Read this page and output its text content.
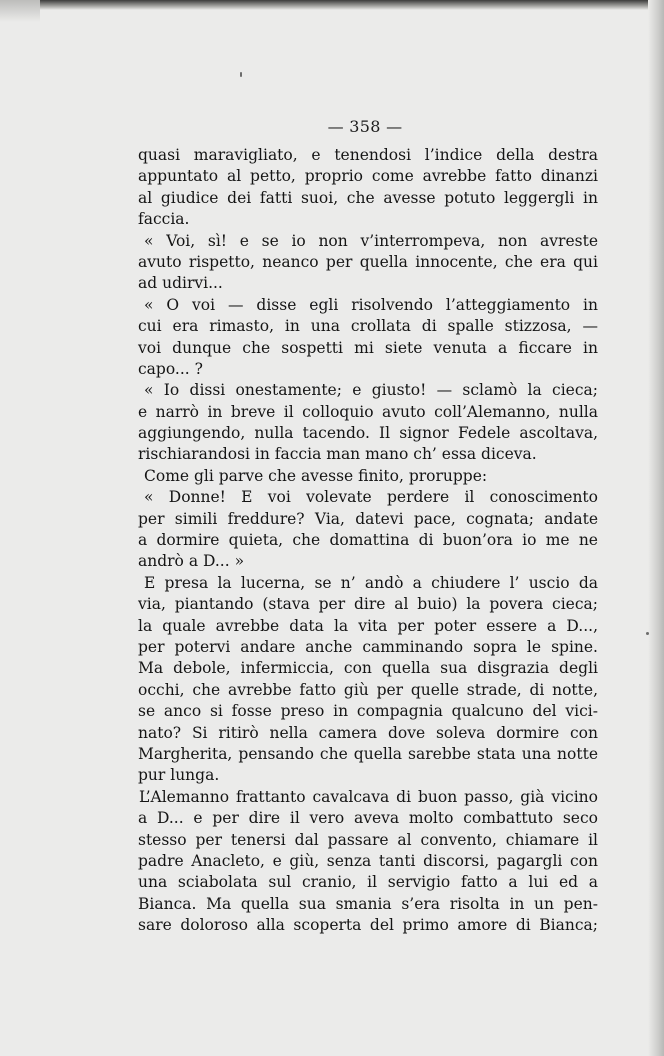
— 358 —
quasi maravigliato, e tenendosi l’indice della destra
appuntato al petto, proprio come avrebbe fatto dinanzi
al giudice dei fatti suoi, che avesse potuto leggergli in
faccia.
« Voi, sì! e se io non v’interrompeva, non avreste
avuto rispetto, neanco per quella innocente, che era qui
ad udirvi...
« O voi — disse egli risolvendo l’atteggiamento in
cui era rimasto, in una crollata di spalle stizzosa, —
voi dunque che sospetti mi siete venuta a ficcare in
capo... ?
« Io dissi onestamente; e giusto! — sclamò la cieca;
e narrò in breve il colloquio avuto coll’Alemanno, nulla
aggiungendo, nulla tacendo. Il signor Fedele ascoltava,
rischiarandosi in faccia man mano ch’ essa diceva.
Come gli parve che avesse finito, proruppe:
« Donne! E voi volevate perdere il conoscimento
per simili freddure? Via, datevi pace, cognata; andate
a dormire quieta, che domattina di buon’ora io me ne
andrò a D... »
E presa la lucerna, se n’ andò a chiudere l’ uscio da
via, piantando (stava per dire al buio) la povera cieca;
la quale avrebbe data la vita per poter essere a D...,
per potervi andare anche camminando sopra le spine.
Ma debole, infermiccia, con quella sua disgrazia degli
occhi, che avrebbe fatto giù per quelle strade, di notte,
se anco si fosse preso in compagnia qualcuno del vici-
nato? Si ritirò nella camera dove soleva dormire con
Margherita, pensando che quella sarebbe stata una notte
pur lunga.
L’Alemanno frattanto cavalcava di buon passo, già vicino
a D... e per dire il vero aveva molto combattuto seco
stesso per tenersi dal passare al convento, chiamare il
padre Anacleto, e giù, senza tanti discorsi, pagargli con
una sciabolata sul cranio, il servigio fatto a lui ed a
Bianca. Ma quella sua smania s’era risolta in un pen-
sare doloroso alla scoperta del primo amore di Bianca;
